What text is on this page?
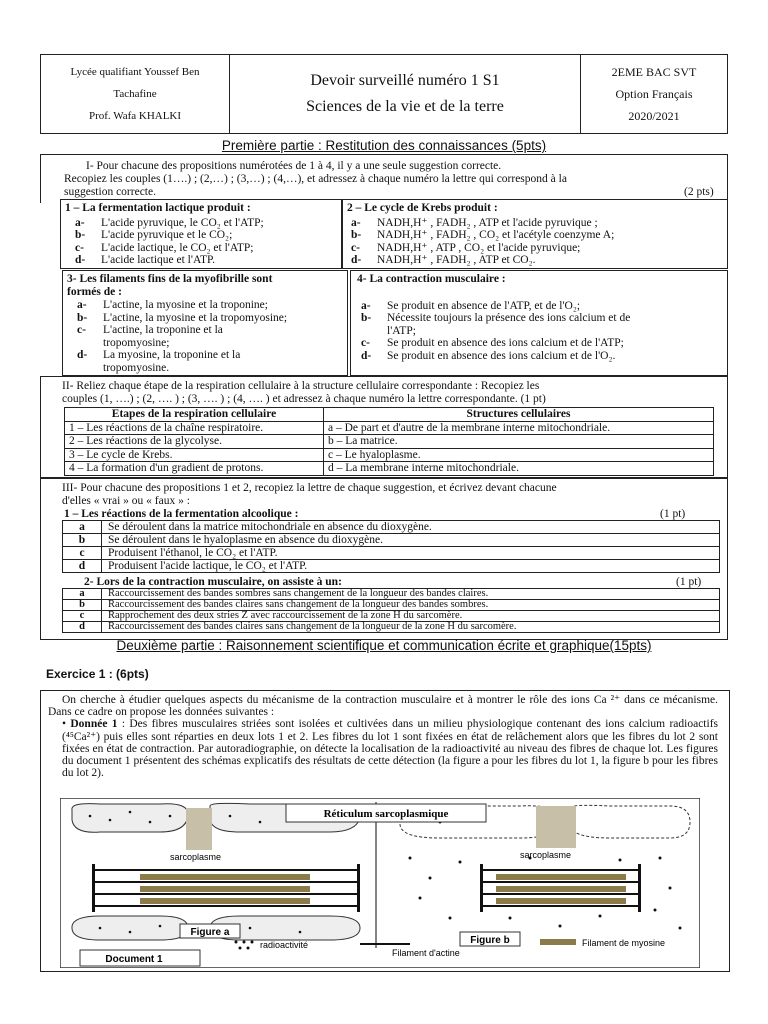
Lycée qualifiant Youssef Ben
Tachafine
Prof. Wafa KHALKI

Devoir surveillé numéro 1 S1
Sciences de la vie et de la terre

2EME BAC SVT
Option Français
2020/2021
Première partie : Restitution des connaissances (5pts)
I- Pour chacune des propositions numérotées de 1 à 4, il y a une seule suggestion correcte.
Recopiez les couples (1….) ; (2,…) ; (3,…) ; (4,…), et adressez à chaque numéro la lettre qui correspond à la
suggestion correcte.	(2 pts)
1 – La fermentation lactique produit :
a-	L'acide pyruvique, le CO₂ et l'ATP;
b-	L'acide pyruvique et le CO₂;
c-	L'acide lactique, le CO₂ et l'ATP;
d-	L'acide lactique et l'ATP.
2 – Le cycle de Krebs produit :
a-	NADH,H⁺ , FADH₂ , ATP et l'acide pyruvique ;
b-	NADH,H⁺ , FADH₂ , CO₂ et l'acétyle coenzyme A;
c-	NADH,H⁺ , ATP , CO₂ et l'acide pyruvique;
d-	NADH,H⁺ , FADH₂ , ATP et CO₂.
3- Les filaments fins de la myofibrille sont
formés de :
a-	L'actine, la myosine et la troponine;
b-	L'actine, la myosine et la tropomyosine;
c-	L'actine, la troponine et la
tropomyosine;
d-	La myosine, la troponine et la
tropomyosine.
4- La contraction musculaire :
a-	Se produit en absence de l'ATP, et de l'O₂;
b-	Nécessite toujours la présence des ions calcium et de
l'ATP;
c-	Se produit en absence des ions calcium et de l'ATP;
d-	Se produit en absence des ions calcium et de l'O₂.
II- Reliez chaque étape de la respiration cellulaire à la structure cellulaire correspondante : Recopiez les
couples (1, ….) ; (2, …. ) ; (3, …. ) ; (4, …. ) et adressez à chaque numéro la lettre correspondante. (1 pt)
Etapes de la respiration cellulaire	Structures cellulaires
1 – Les réactions de la chaîne respiratoire.	a – De part et d'autre de la membrane interne mitochondriale.
2 – Les réactions de la glycolyse.	b – La matrice.
3 – Le cycle de Krebs.	c – Le hyaloplasme.
4 – La formation d'un gradient de protons.	d – La membrane interne mitochondriale.
III- Pour chacune des propositions 1 et 2, recopiez la lettre de chaque suggestion, et écrivez devant chacune
d'elles « vrai » ou « faux » :
1 – Les réactions de la fermentation alcoolique :	(1 pt)
a	Se déroulent dans la matrice mitochondriale en absence du dioxygène.
b	Se déroulent dans le hyaloplasme en absence du dioxygène.
c	Produisent l'éthanol, le CO₂ et l'ATP.
d	Produisent l'acide lactique, le CO₂ et l'ATP.
2- Lors de la contraction musculaire, on assiste à un:	(1 pt)
a	Raccourcissement des bandes sombres sans changement de la longueur des bandes claires.
b	Raccourcissement des bandes claires sans changement de la longueur des bandes sombres.
c	Rapprochement des deux stries Z avec raccourcissement de la zone H du sarcomère.
d	Raccourcissement des bandes claires sans changement de la longueur de la zone H du sarcomère.
Deuxième partie : Raisonnement scientifique et communication écrite et graphique(15pts)
Exercice 1 : (6pts)
On cherche à étudier quelques aspects du mécanisme de la contraction musculaire et à montrer le rôle des ions Ca ²⁺ dans ce mécanisme. Dans ce cadre on propose les données suivantes :
• Donnée 1 : Des fibres musculaires striées sont isolées et cultivées dans un milieu physiologique contenant des ions calcium radioactifs (⁴⁵Ca²⁺) puis elles sont réparties en deux lots 1 et 2. Les fibres du lot 1 sont fixées en état de relâchement alors que les fibres du lot 2 sont fixées en état de contraction. Par autoradiographie, on détecte la localisation de la radioactivité au niveau des fibres de chaque lot. Les figures du document 1 présentent des schémas explicatifs des résultats de cette détection (la figure a pour les fibres du lot 1, la figure b pour les fibres du lot 2).
Réticulum sarcoplasmique
sarcoplasme	sarcoplasme
Figure a
Figure b
radioactivité
Filament d'actine
Filament de myosine
Document 1
